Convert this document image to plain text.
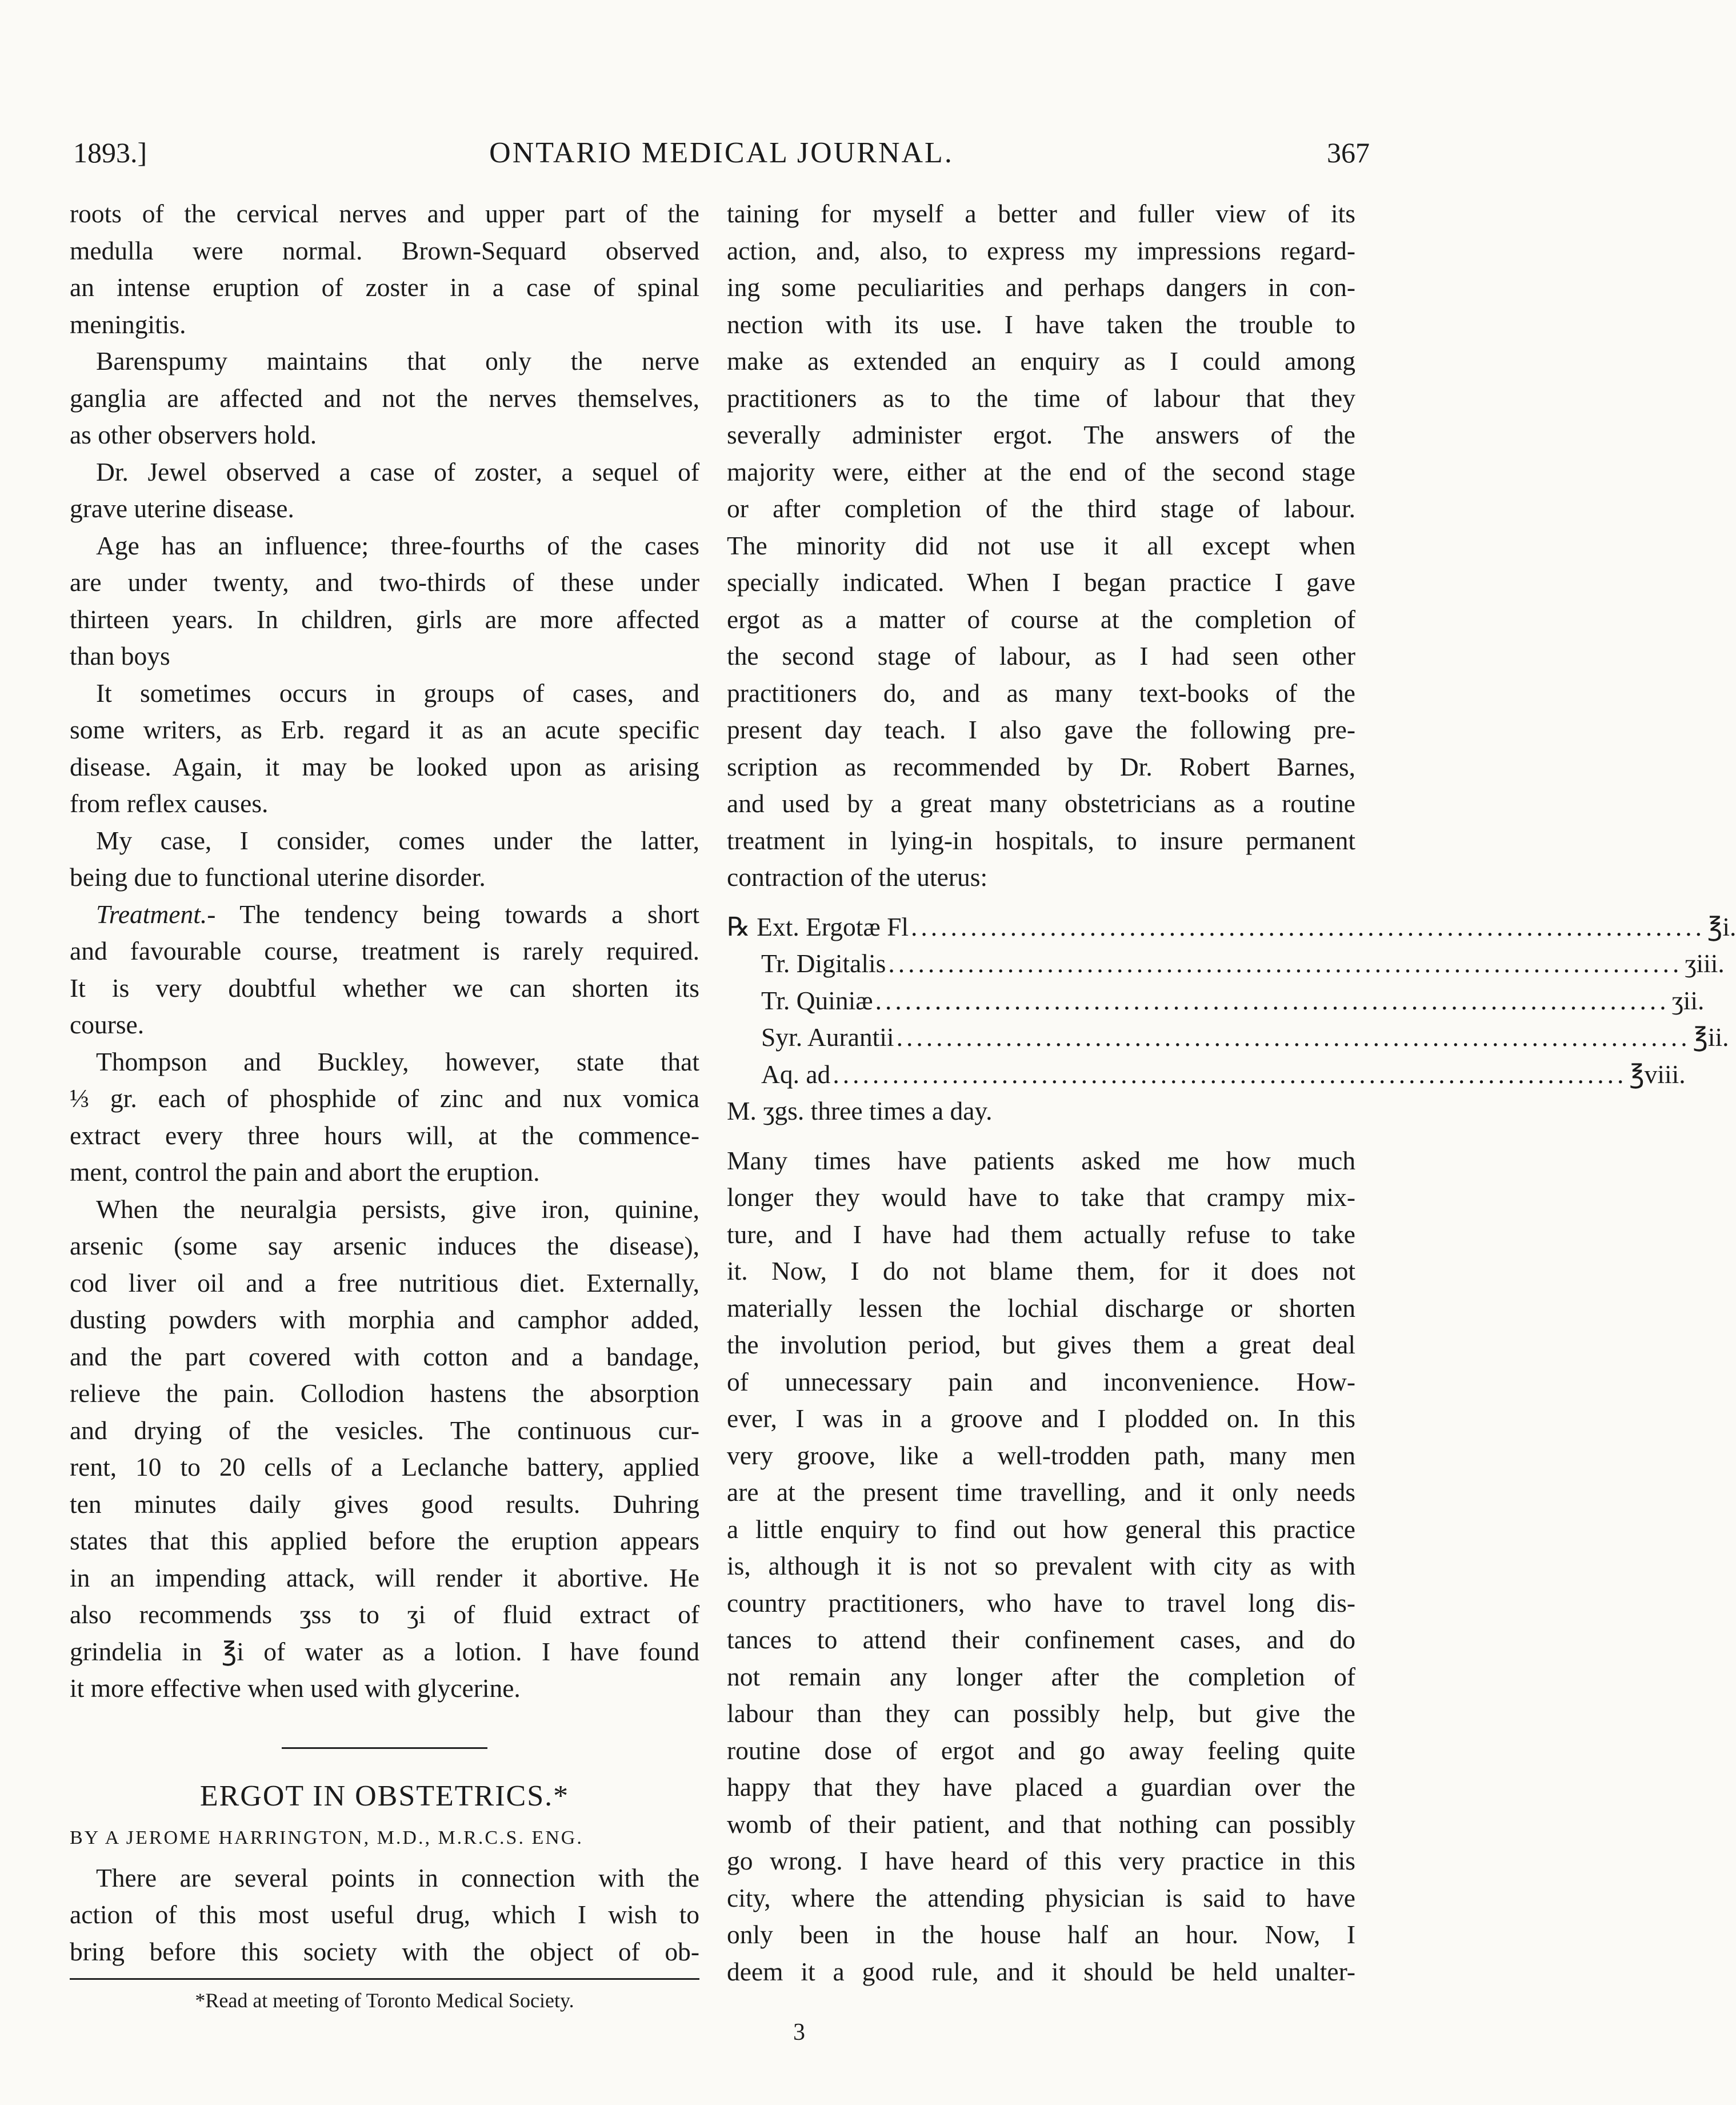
1893.]	ONTARIO MEDICAL JOURNAL.	367
roots of the cervical nerves and upper part of the
medulla were normal. Brown-Sequard observed
an intense eruption of zoster in a case of spinal
meningitis.
Barenspumy maintains that only the nerve
ganglia are affected and not the nerves themselves,
as other observers hold.
Dr. Jewel observed a case of zoster, a sequel of
grave uterine disease.
Age has an influence; three-fourths of the cases
are under twenty, and two-thirds of these under
thirteen years. In children, girls are more affected
than boys
It sometimes occurs in groups of cases, and
some writers, as Erb. regard it as an acute specific
disease. Again, it may be looked upon as arising
from reflex causes.
My case, I consider, comes under the latter,
being due to functional uterine disorder.
Treatment.- The tendency being towards a short
and favourable course, treatment is rarely required.
It is very doubtful whether we can shorten its
course.
Thompson and Buckley, however, state that
⅓ gr. each of phosphide of zinc and nux vomica
extract every three hours will, at the commence-
ment, control the pain and abort the eruption.
When the neuralgia persists, give iron, quinine,
arsenic (some say arsenic induces the disease),
cod liver oil and a free nutritious diet. Externally,
dusting powders with morphia and camphor added,
and the part covered with cotton and a bandage,
relieve the pain. Collodion hastens the absorption
and drying of the vesicles. The continuous cur-
rent, 10 to 20 cells of a Leclanche battery, applied
ten minutes daily gives good results. Duhring
states that this applied before the eruption appears
in an impending attack, will render it abortive. He
also recommends ʒss to ʒi of fluid extract of
grindelia in ℥i of water as a lotion. I have found
it more effective when used with glycerine.
ERGOT IN OBSTETRICS.*
BY A JEROME HARRINGTON, M.D., M.R.C.S. ENG.
There are several points in connection with the
action of this most useful drug, which I wish to
bring before this society with the object of ob-
*Read at meeting of Toronto Medical Society.
taining for myself a better and fuller view of its
action, and, also, to express my impressions regard-
ing some peculiarities and perhaps dangers in con-
nection with its use. I have taken the trouble to
make as extended an enquiry as I could among
practitioners as to the time of labour that they
severally administer ergot. The answers of the
majority were, either at the end of the second stage
or after completion of the third stage of labour.
The minority did not use it all except when
specially indicated. When I began practice I gave
ergot as a matter of course at the completion of
the second stage of labour, as I had seen other
practitioners do, and as many text-books of the
present day teach. I also gave the following pre-
scription as recommended by Dr. Robert Barnes,
and used by a great many obstetricians as a routine
treatment in lying-in hospitals, to insure permanent
contraction of the uterus:
℞ Ext. Ergotæ Fl ................................................................................ ℥i.
Tr. Digitalis ................................................................................ ʒiii.
Tr. Quiniæ ................................................................................ ʒii.
Syr. Aurantii ................................................................................ ℥ii.
Aq. ad ................................................................................ ℥viii.
M. ʒgs. three times a day.
Many times have patients asked me how much
longer they would have to take that crampy mix-
ture, and I have had them actually refuse to take
it. Now, I do not blame them, for it does not
materially lessen the lochial discharge or shorten
the involution period, but gives them a great deal
of unnecessary pain and inconvenience. How-
ever, I was in a groove and I plodded on. In this
very groove, like a well-trodden path, many men
are at the present time travelling, and it only needs
a little enquiry to find out how general this practice
is, although it is not so prevalent with city as with
country practitioners, who have to travel long dis-
tances to attend their confinement cases, and do
not remain any longer after the completion of
labour than they can possibly help, but give the
routine dose of ergot and go away feeling quite
happy that they have placed a guardian over the
womb of their patient, and that nothing can possibly
go wrong. I have heard of this very practice in this
city, where the attending physician is said to have
only been in the house half an hour. Now, I
deem it a good rule, and it should be held unalter-
3
